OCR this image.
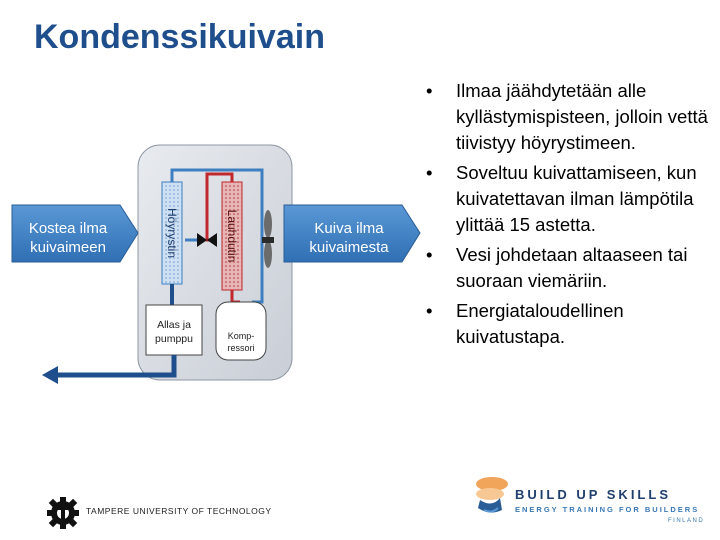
Kondenssikuivain
Kostea ilma
kuivaimeen
Kuiva ilma
kuivaimesta
Höyrystin	Lauhdutin
Allas ja
pumppu	Komp-
ressori
• Ilmaa jäähdytetään alle kyllästymispisteen, jolloin vettä tiivistyy höyrystimeen.
• Soveltuu kuivattamiseen, kun kuivatettavan ilman lämpötila ylittää 15 astetta.
• Vesi johdetaan altaaseen tai suoraan viemäriin.
• Energiataloudellinen kuivatustapa.
TAMPERE UNIVERSITY OF TECHNOLOGY
BUILD UP SKILLS
ENERGY TRAINING FOR BUILDERS
FINLAND
